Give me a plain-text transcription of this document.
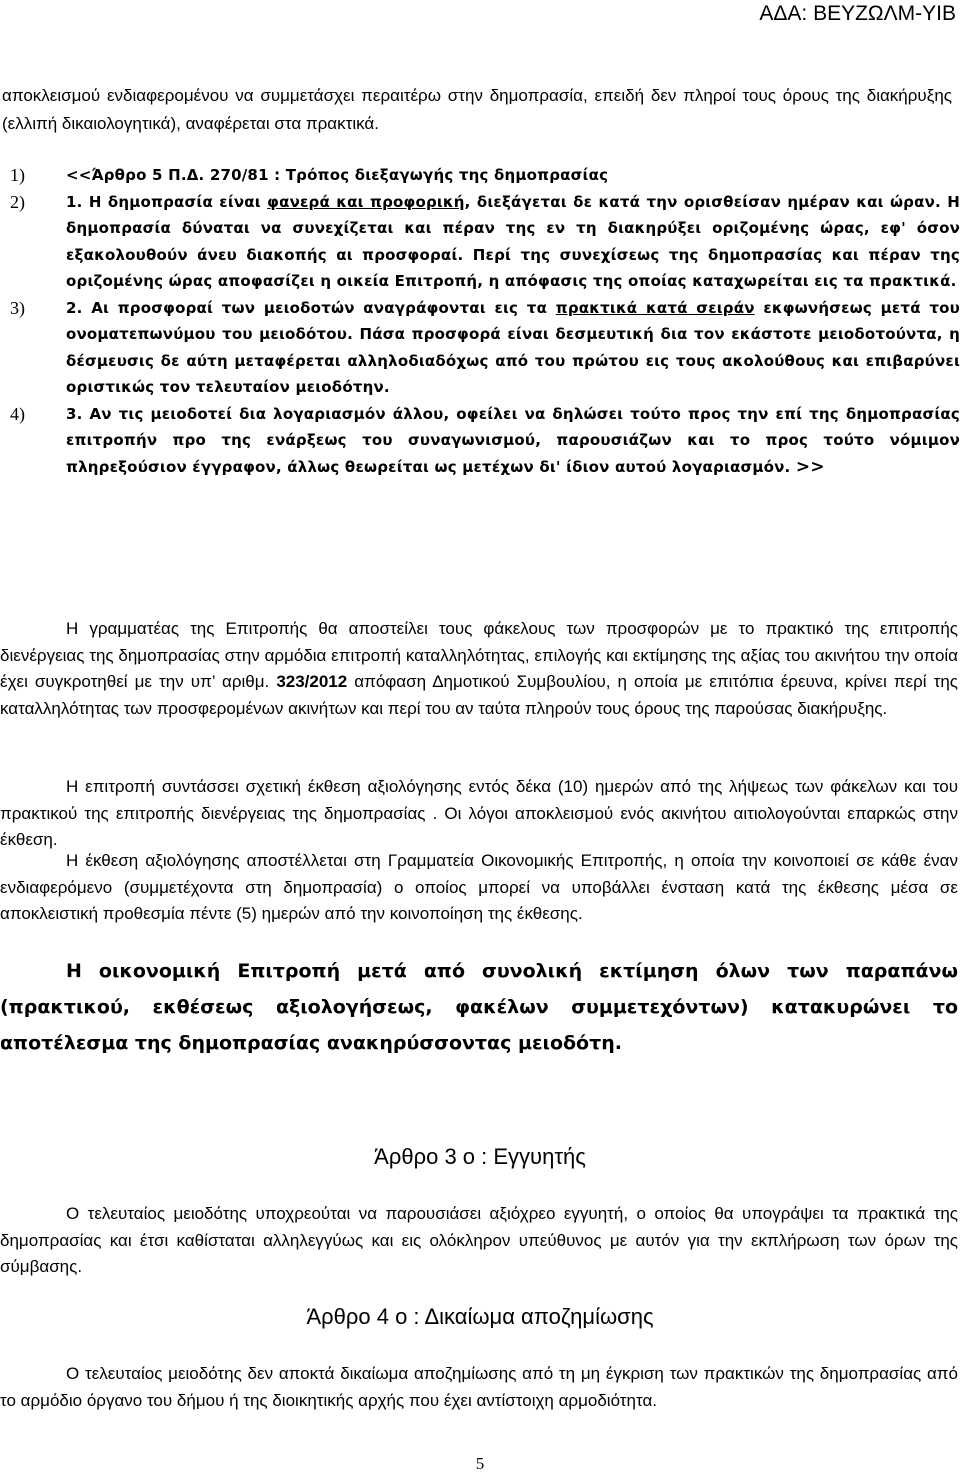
ΑΔΑ: ΒΕΥΖΩΛΜ-ΥΙΒ
αποκλεισμού ενδιαφερομένου να συμμετάσχει περαιτέρω στην δημοπρασία, επειδή δεν πληροί τους όρους της διακήρυξης (ελλιπή δικαιολογητικά), αναφέρεται στα πρακτικά.
1)	<<Άρθρο 5 Π.Δ. 270/81 : Τρόπος διεξαγωγής της δημοπρασίας
2)	1. Η δημοπρασία είναι φανερά και προφορική, διεξάγεται δε κατά την ορισθείσαν ημέραν και ώραν. Η δημοπρασία δύναται να συνεχίζεται και πέραν της εν τη διακηρύξει οριζομένης ώρας, εφ' όσον εξακολουθούν άνευ διακοπής αι προσφοραί. Περί της συνεχίσεως της δημοπρασίας και πέραν της οριζομένης ώρας αποφασίζει η οικεία Επιτροπή, η απόφασις της οποίας καταχωρείται εις τα πρακτικά.
3)	2. Αι προσφοραί των μειοδοτών αναγράφονται εις τα πρακτικά κατά σειράν εκφωνήσεως μετά του ονοματεπωνύμου του μειοδότου. Πάσα προσφορά είναι δεσμευτική δια τον εκάστοτε μειοδοτούντα, η δέσμευσις δε αύτη μεταφέρεται αλληλοδιαδόχως από του πρώτου εις τους ακολούθους και επιβαρύνει οριστικώς τον τελευταίον μειοδότην.
4)	3. Αν τις μειοδοτεί δια λογαριασμόν άλλου, οφείλει να δηλώσει τούτο προς την επί της δημοπρασίας επιτροπήν προ της ενάρξεως του συναγωνισμού, παρουσιάζων και το προς τούτο νόμιμον πληρεξούσιον έγγραφον, άλλως θεωρείται ως μετέχων δι' ίδιον αυτού λογαριασμόν. >>
Η γραμματέας της Επιτροπής θα αποστείλει τους φάκελους των προσφορών με το πρακτικό της επιτροπής διενέργειας της δημοπρασίας στην αρμόδια επιτροπή καταλληλότητας, επιλογής και εκτίμησης της αξίας του ακινήτου την οποία έχει συγκροτηθεί με την υπ’ αριθμ. 323/2012 απόφαση Δημοτικού Συμβουλίου, η οποία με επιτόπια έρευνα, κρίνει περί της καταλληλότητας των προσφερομένων ακινήτων και περί του αν ταύτα πληρούν τους όρους της παρούσας διακήρυξης.
Η επιτροπή συντάσσει σχετική έκθεση αξιολόγησης εντός δέκα (10) ημερών από της λήψεως των φάκελων και του πρακτικού της επιτροπής διενέργειας της δημοπρασίας . Οι λόγοι αποκλεισμού ενός ακινήτου αιτιολογούνται επαρκώς στην έκθεση.
Η έκθεση αξιολόγησης αποστέλλεται στη Γραμματεία Οικονομικής Επιτροπής, η οποία την κοινοποιεί σε κάθε έναν ενδιαφερόμενο (συμμετέχοντα στη δημοπρασία) ο οποίος μπορεί να υποβάλλει ένσταση κατά της έκθεσης μέσα σε αποκλειστική προθεσμία πέντε (5) ημερών από την κοινοποίηση της έκθεσης.
Η οικονομική Επιτροπή μετά από συνολική εκτίμηση όλων των παραπάνω (πρακτικού, εκθέσεως αξιολογήσεως, φακέλων συμμετεχόντων) κατακυρώνει το αποτέλεσμα της δημοπρασίας ανακηρύσσοντας μειοδότη.
Άρθρο 3 ο : Εγγυητής
Ο τελευταίος μειοδότης υποχρεούται να παρουσιάσει αξιόχρεο εγγυητή, ο οποίος θα υπογράψει τα πρακτικά της δημοπρασίας και έτσι καθίσταται αλληλεγγύως και εις ολόκληρον υπεύθυνος με αυτόν για την εκπλήρωση των όρων της σύμβασης.
Άρθρο 4 ο : Δικαίωμα αποζημίωσης
Ο τελευταίος μειοδότης δεν αποκτά δικαίωμα αποζημίωσης από τη μη έγκριση των πρακτικών της δημοπρασίας από το αρμόδιο όργανο του δήμου ή της διοικητικής αρχής που έχει αντίστοιχη αρμοδιότητα.
5
